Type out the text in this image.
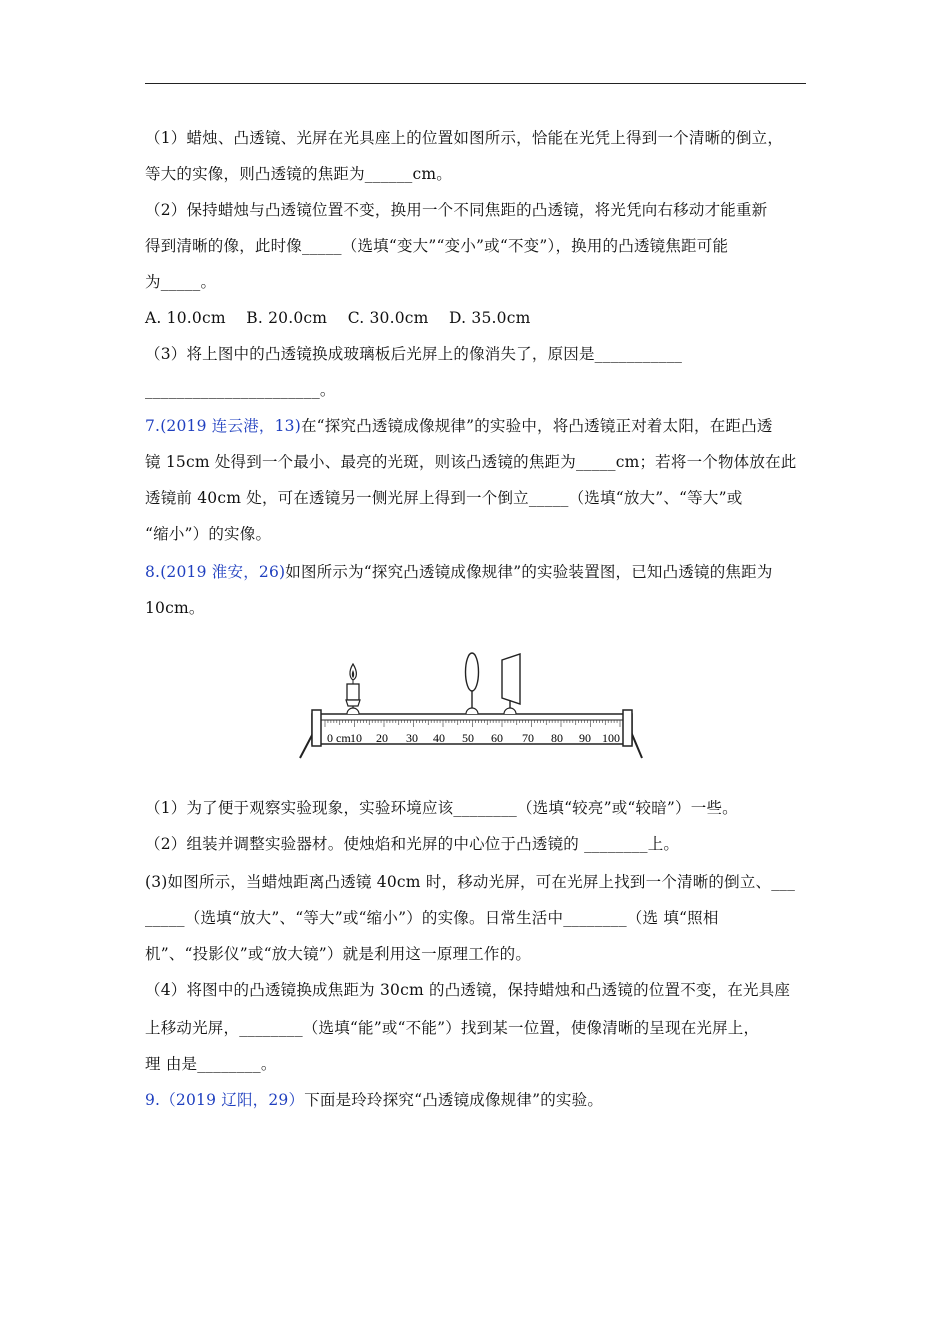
（1）蜡烛、凸透镜、光屏在光具座上的位置如图所示，恰能在光凭上得到一个清晰的倒立，
等大的实像，则凸透镜的焦距为______cm。
（2）保持蜡烛与凸透镜位置不变，换用一个不同焦距的凸透镜，将光凭向右移动才能重新
得到清晰的像，此时像_____（选填“变大”“变小”或“不变”），换用的凸透镜焦距可能
为_____。
A. 10.0cm    B. 20.0cm    C. 30.0cm    D. 35.0cm
（3）将上图中的凸透镜换成玻璃板后光屏上的像消失了，原因是___________
______________________。
7.(2019 连云港，13)在“探究凸透镜成像规律”的实验中，将凸透镜正对着太阳，在距凸透
镜 15cm 处得到一个最小、最亮的光斑，则该凸透镜的焦距为_____cm；若将一个物体放在此
透镜前 40cm 处，可在透镜另一侧光屏上得到一个倒立_____（选填“放大”、“等大”或
“缩小”）的实像。
8.(2019 淮安，26)如图所示为“探究凸透镜成像规律”的实验装置图，已知凸透镜的焦距为
10cm。
0 cm 10 20 30 40 50 60 70 80 90 100
（1）为了便于观察实验现象，实验环境应该________（选填“较亮”或“较暗”）一些。
（2）组装并调整实验器材。使烛焰和光屏的中心位于凸透镜的 ________上。
(3)如图所示，当蜡烛距离凸透镜 40cm 时，移动光屏，可在光屏上找到一个清晰的倒立、___
_____（选填“放大”、“等大”或“缩小”）的实像。日常生活中________（选 填“照相
机”、“投影仪”或“放大镜”）就是利用这一原理工作的。
（4）将图中的凸透镜换成焦距为 30cm 的凸透镜，保持蜡烛和凸透镜的位置不变，在光具座
上移动光屏，________（选填“能”或“不能”）找到某一位置，使像清晰的呈现在光屏上，
理 由是________。
9.（2019 辽阳，29）下面是玲玲探究“凸透镜成像规律”的实验。
